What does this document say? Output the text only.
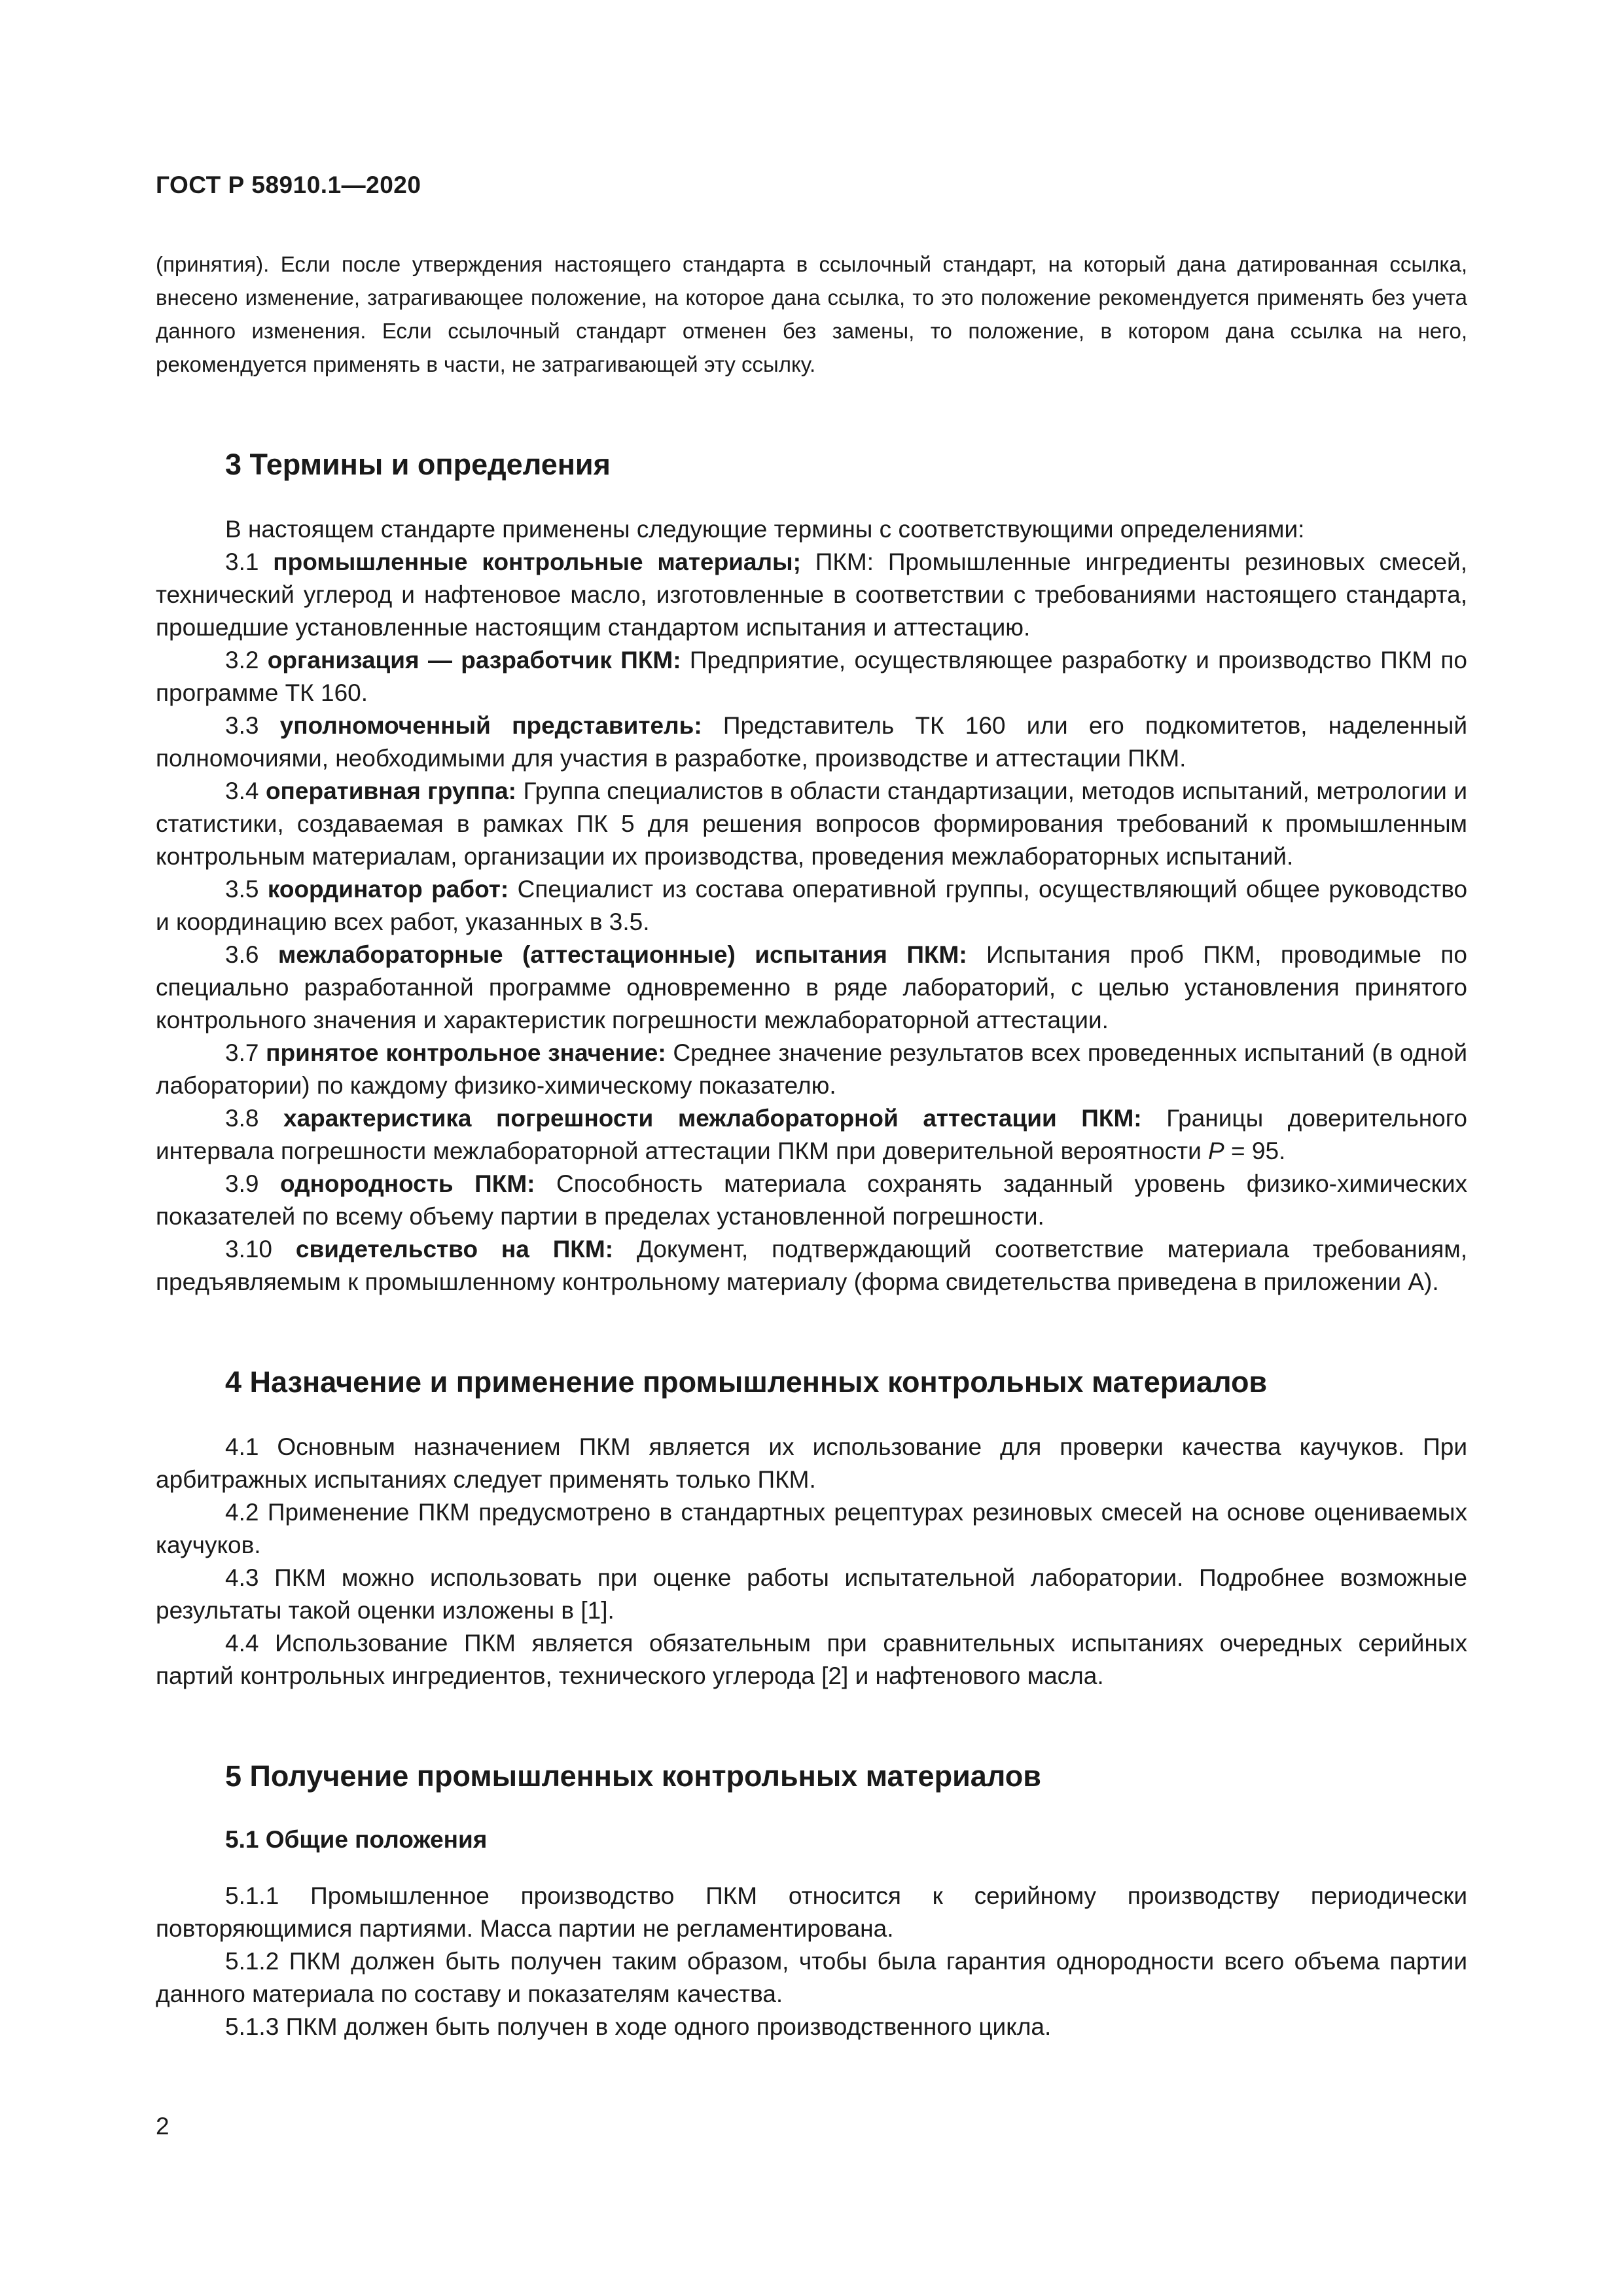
ГОСТ Р 58910.1—2020

(принятия). Если после утверждения настоящего стандарта в ссылочный стандарт, на который дана датированная ссылка, внесено изменение, затрагивающее положение, на которое дана ссылка, то это положение рекомендуется применять без учета данного изменения. Если ссылочный стандарт отменен без замены, то положение, в котором дана ссылка на него, рекомендуется применять в части, не затрагивающей эту ссылку.

3 Термины и определения

В настоящем стандарте применены следующие термины с соответствующими определениями:

3.1 промышленные контрольные материалы; ПКМ: Промышленные ингредиенты резиновых смесей, технический углерод и нафтеновое масло, изготовленные в соответствии с требованиями настоящего стандарта, прошедшие установленные настоящим стандартом испытания и аттестацию.

3.2 организация — разработчик ПКМ: Предприятие, осуществляющее разработку и производство ПКМ по программе ТК 160.

3.3 уполномоченный представитель: Представитель ТК 160 или его подкомитетов, наделенный полномочиями, необходимыми для участия в разработке, производстве и аттестации ПКМ.

3.4 оперативная группа: Группа специалистов в области стандартизации, методов испытаний, метрологии и статистики, создаваемая в рамках ПК 5 для решения вопросов формирования требований к промышленным контрольным материалам, организации их производства, проведения межлабораторных испытаний.

3.5 координатор работ: Специалист из состава оперативной группы, осуществляющий общее руководство и координацию всех работ, указанных в 3.5.

3.6 межлабораторные (аттестационные) испытания ПКМ: Испытания проб ПКМ, проводимые по специально разработанной программе одновременно в ряде лабораторий, с целью установления принятого контрольного значения и характеристик погрешности межлабораторной аттестации.

3.7 принятое контрольное значение: Среднее значение результатов всех проведенных испытаний (в одной лаборатории) по каждому физико-химическому показателю.

3.8 характеристика погрешности межлабораторной аттестации ПКМ: Границы доверительного интервала погрешности межлабораторной аттестации ПКМ при доверительной вероятности P = 95.

3.9 однородность ПКМ: Способность материала сохранять заданный уровень физико-химических показателей по всему объему партии в пределах установленной погрешности.

3.10 свидетельство на ПКМ: Документ, подтверждающий соответствие материала требованиям, предъявляемым к промышленному контрольному материалу (форма свидетельства приведена в приложении А).

4 Назначение и применение промышленных контрольных материалов

4.1 Основным назначением ПКМ является их использование для проверки качества каучуков. При арбитражных испытаниях следует применять только ПКМ.

4.2 Применение ПКМ предусмотрено в стандартных рецептурах резиновых смесей на основе оцениваемых каучуков.

4.3 ПКМ можно использовать при оценке работы испытательной лаборатории. Подробнее возможные результаты такой оценки изложены в [1].

4.4 Использование ПКМ является обязательным при сравнительных испытаниях очередных серийных партий контрольных ингредиентов, технического углерода [2] и нафтенового масла.

5 Получение промышленных контрольных материалов
5.1 Общие положения

5.1.1 Промышленное производство ПКМ относится к серийному производству периодически повторяющимися партиями. Масса партии не регламентирована.

5.1.2 ПКМ должен быть получен таким образом, чтобы была гарантия однородности всего объема партии данного материала по составу и показателям качества.

5.1.3 ПКМ должен быть получен в ходе одного производственного цикла.

2
